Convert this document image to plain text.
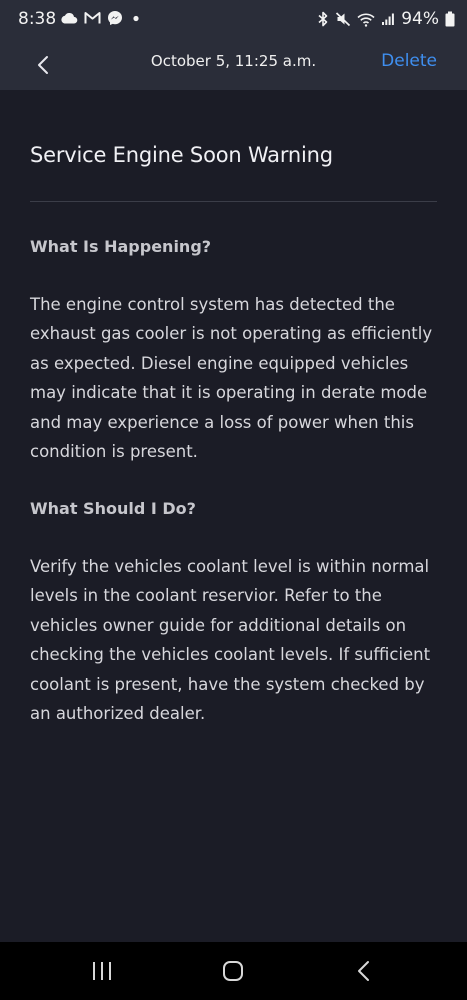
8:38	94%
October 5, 11:25 a.m.	Delete
Service Engine Soon Warning
What Is Happening?
The engine control system has detected the exhaust gas cooler is not operating as efficiently as expected. Diesel engine equipped vehicles may indicate that it is operating in derate mode and may experience a loss of power when this condition is present.
What Should I Do?
Verify the vehicles coolant level is within normal levels in the coolant reservior. Refer to the vehicles owner guide for additional details on checking the vehicles coolant levels. If sufficient coolant is present, have the system checked by an authorized dealer.
